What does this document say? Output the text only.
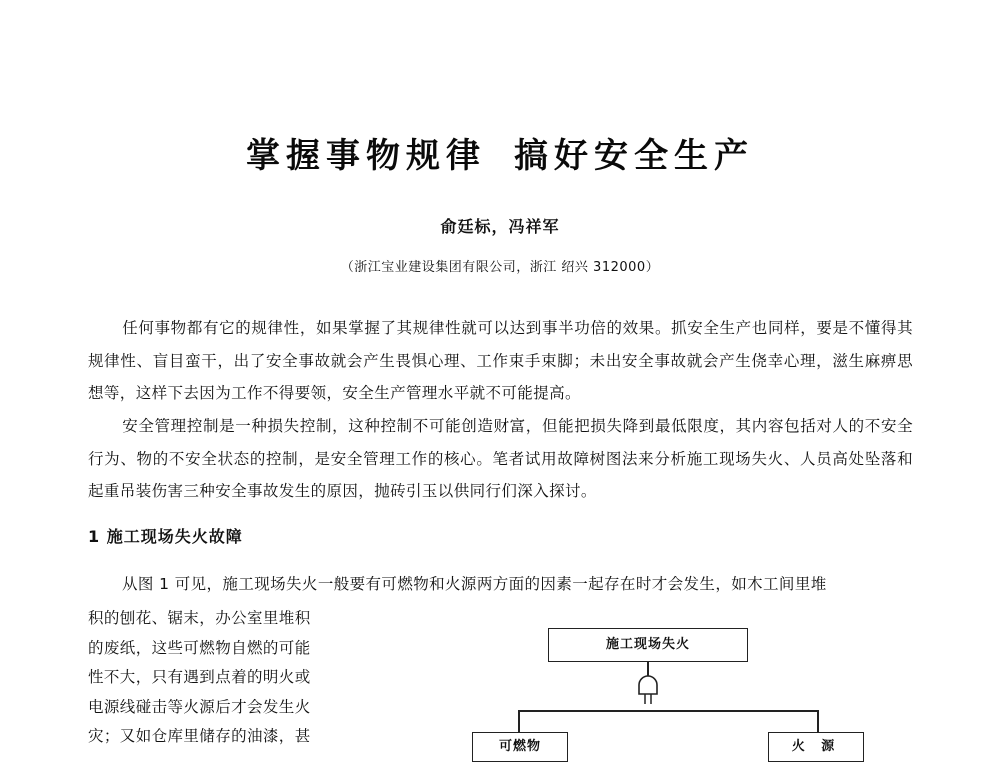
掌握事物规律 搞好安全生产
俞廷标，冯祥军
（浙江宝业建设集团有限公司，浙江 绍兴 312000）
任何事物都有它的规律性，如果掌握了其规律性就可以达到事半功倍的效果。抓安全生产也同样，要是不懂得其规律性、盲目蛮干，出了安全事故就会产生畏惧心理、工作束手束脚；未出安全事故就会产生侥幸心理，滋生麻痹思想等，这样下去因为工作不得要领，安全生产管理水平就不可能提高。
安全管理控制是一种损失控制，这种控制不可能创造财富，但能把损失降到最低限度，其内容包括对人的不安全行为、物的不安全状态的控制，是安全管理工作的核心。笔者试用故障树图法来分析施工现场失火、人员高处坠落和起重吊装伤害三种安全事故发生的原因，抛砖引玉以供同行们深入探讨。
1 施工现场失火故障
从图 1 可见，施工现场失火一般要有可燃物和火源两方面的因素一起存在时才会发生，如木工间里堆
积的刨花、锯末，办公室里堆积
的废纸，这些可燃物自燃的可能
性不大，只有遇到点着的明火或
电源线碰击等火源后才会发生火
灾；又如仓库里储存的油漆，甚
施工现场失火
可燃物	火 源
